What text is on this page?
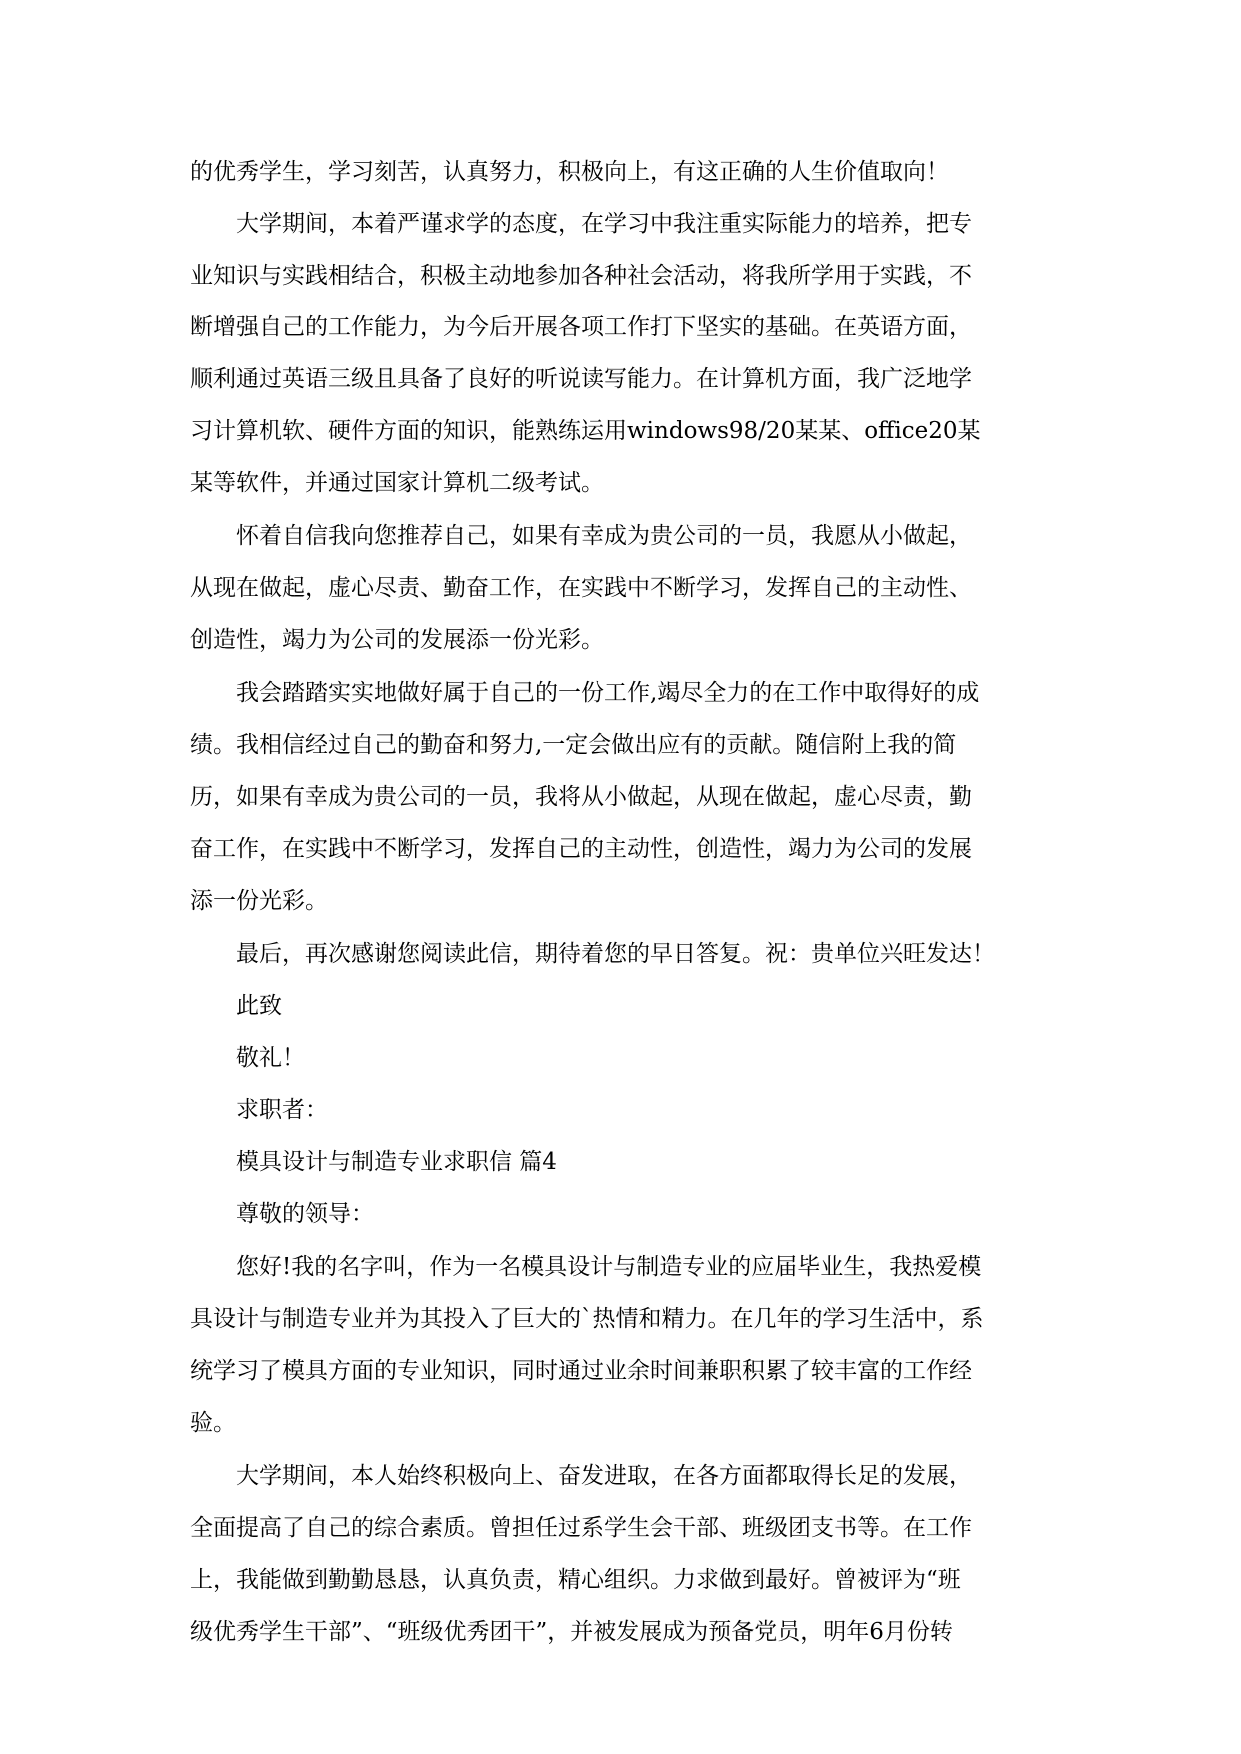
的优秀学生，学习刻苦，认真努力，积极向上，有这正确的人生价值取向！
大学期间，本着严谨求学的态度，在学习中我注重实际能力的培养，把专
业知识与实践相结合，积极主动地参加各种社会活动，将我所学用于实践，不
断增强自己的工作能力，为今后开展各项工作打下坚实的基础。在英语方面，
顺利通过英语三级且具备了良好的听说读写能力。在计算机方面，我广泛地学
习计算机软、硬件方面的知识，能熟练运用windows98/20某某、office20某
某等软件，并通过国家计算机二级考试。
怀着自信我向您推荐自己，如果有幸成为贵公司的一员，我愿从小做起，
从现在做起，虚心尽责、勤奋工作，在实践中不断学习，发挥自己的主动性、
创造性，竭力为公司的发展添一份光彩。
我会踏踏实实地做好属于自己的一份工作,竭尽全力的在工作中取得好的成
绩。我相信经过自己的勤奋和努力,一定会做出应有的贡献。随信附上我的简
历，如果有幸成为贵公司的一员，我将从小做起，从现在做起，虚心尽责，勤
奋工作，在实践中不断学习，发挥自己的主动性，创造性，竭力为公司的发展
添一份光彩。
最后，再次感谢您阅读此信，期待着您的早日答复。祝：贵单位兴旺发达！
此致
敬礼！
求职者：
模具设计与制造专业求职信 篇4
尊敬的领导：
您好!我的名字叫，作为一名模具设计与制造专业的应届毕业生，我热爱模
具设计与制造专业并为其投入了巨大的`热情和精力。在几年的学习生活中，系
统学习了模具方面的专业知识，同时通过业余时间兼职积累了较丰富的工作经
验。
大学期间，本人始终积极向上、奋发进取，在各方面都取得长足的发展，
全面提高了自己的综合素质。曾担任过系学生会干部、班级团支书等。在工作
上，我能做到勤勤恳恳，认真负责，精心组织。力求做到最好。曾被评为“班
级优秀学生干部”、“班级优秀团干”，并被发展成为预备党员，明年6月份转
